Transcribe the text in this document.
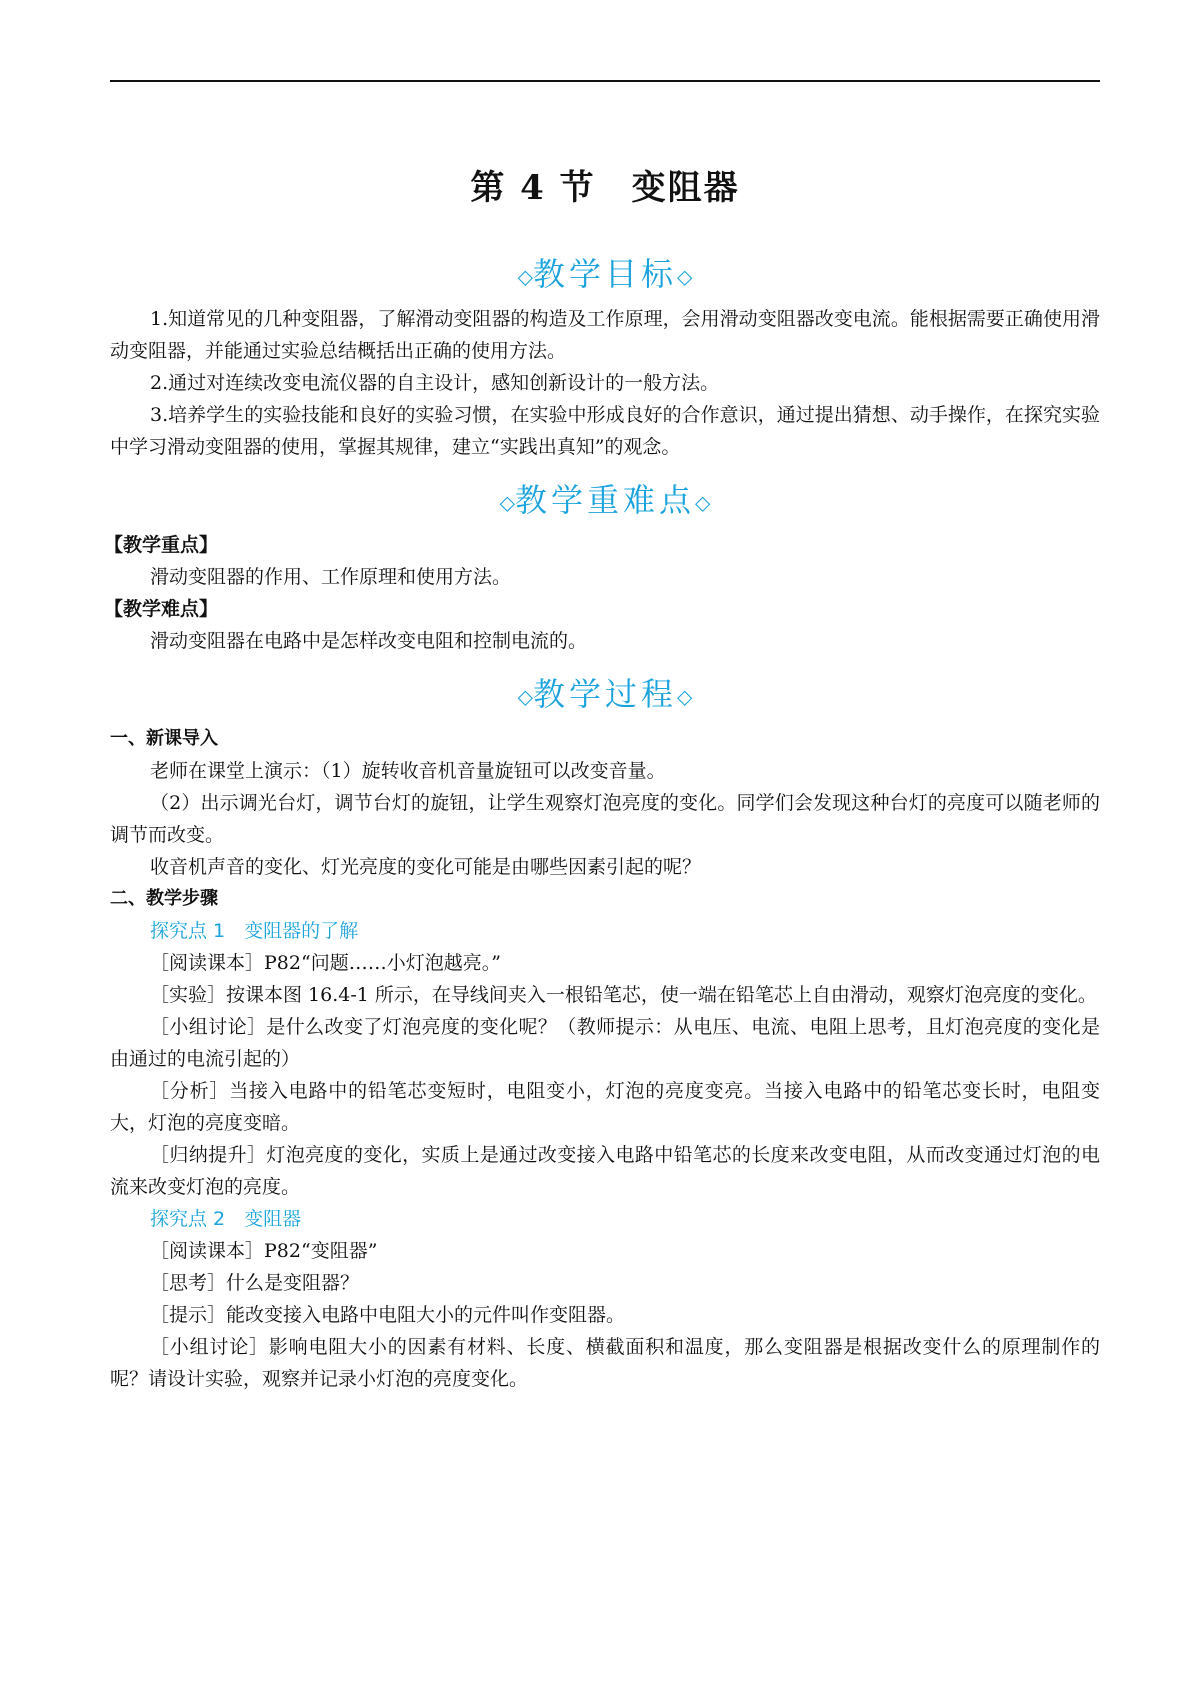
第 4 节　变阻器
◇教学目标◇

1.知道常见的几种变阻器，了解滑动变阻器的构造及工作原理，会用滑动变阻器改变电流。能根据需要正确使用滑动变阻器，并能通过实验总结概括出正确的使用方法。

2.通过对连续改变电流仪器的自主设计，感知创新设计的一般方法。

3.培养学生的实验技能和良好的实验习惯，在实验中形成良好的合作意识，通过提出猜想、动手操作，在探究实验中学习滑动变阻器的使用，掌握其规律，建立“实践出真知”的观念。

◇教学重难点◇
【教学重点】

滑动变阻器的作用、工作原理和使用方法。

【教学难点】

滑动变阻器在电路中是怎样改变电阻和控制电流的。

◇教学过程◇
一、新课导入

老师在课堂上演示：（1）旋转收音机音量旋钮可以改变音量。

（2）出示调光台灯，调节台灯的旋钮，让学生观察灯泡亮度的变化。同学们会发现这种台灯的亮度可以随老师的调节而改变。

收音机声音的变化、灯光亮度的变化可能是由哪些因素引起的呢？

二、教学步骤
探究点 1　变阻器的了解

［阅读课本］P82“问题……小灯泡越亮。”

［实验］按课本图 16.4-1 所示，在导线间夹入一根铅笔芯，使一端在铅笔芯上自由滑动，观察灯泡亮度的变化。

［小组讨论］是什么改变了灯泡亮度的变化呢？（教师提示：从电压、电流、电阻上思考，且灯泡亮度的变化是由通过的电流引起的）

［分析］当接入电路中的铅笔芯变短时，电阻变小，灯泡的亮度变亮。当接入电路中的铅笔芯变长时，电阻变大，灯泡的亮度变暗。

［归纳提升］灯泡亮度的变化，实质上是通过改变接入电路中铅笔芯的长度来改变电阻，从而改变通过灯泡的电流来改变灯泡的亮度。

探究点 2　变阻器

［阅读课本］P82“变阻器”

［思考］什么是变阻器？

［提示］能改变接入电路中电阻大小的元件叫作变阻器。

［小组讨论］影响电阻大小的因素有材料、长度、横截面积和温度，那么变阻器是根据改变什么的原理制作的呢？请设计实验，观察并记录小灯泡的亮度变化。
